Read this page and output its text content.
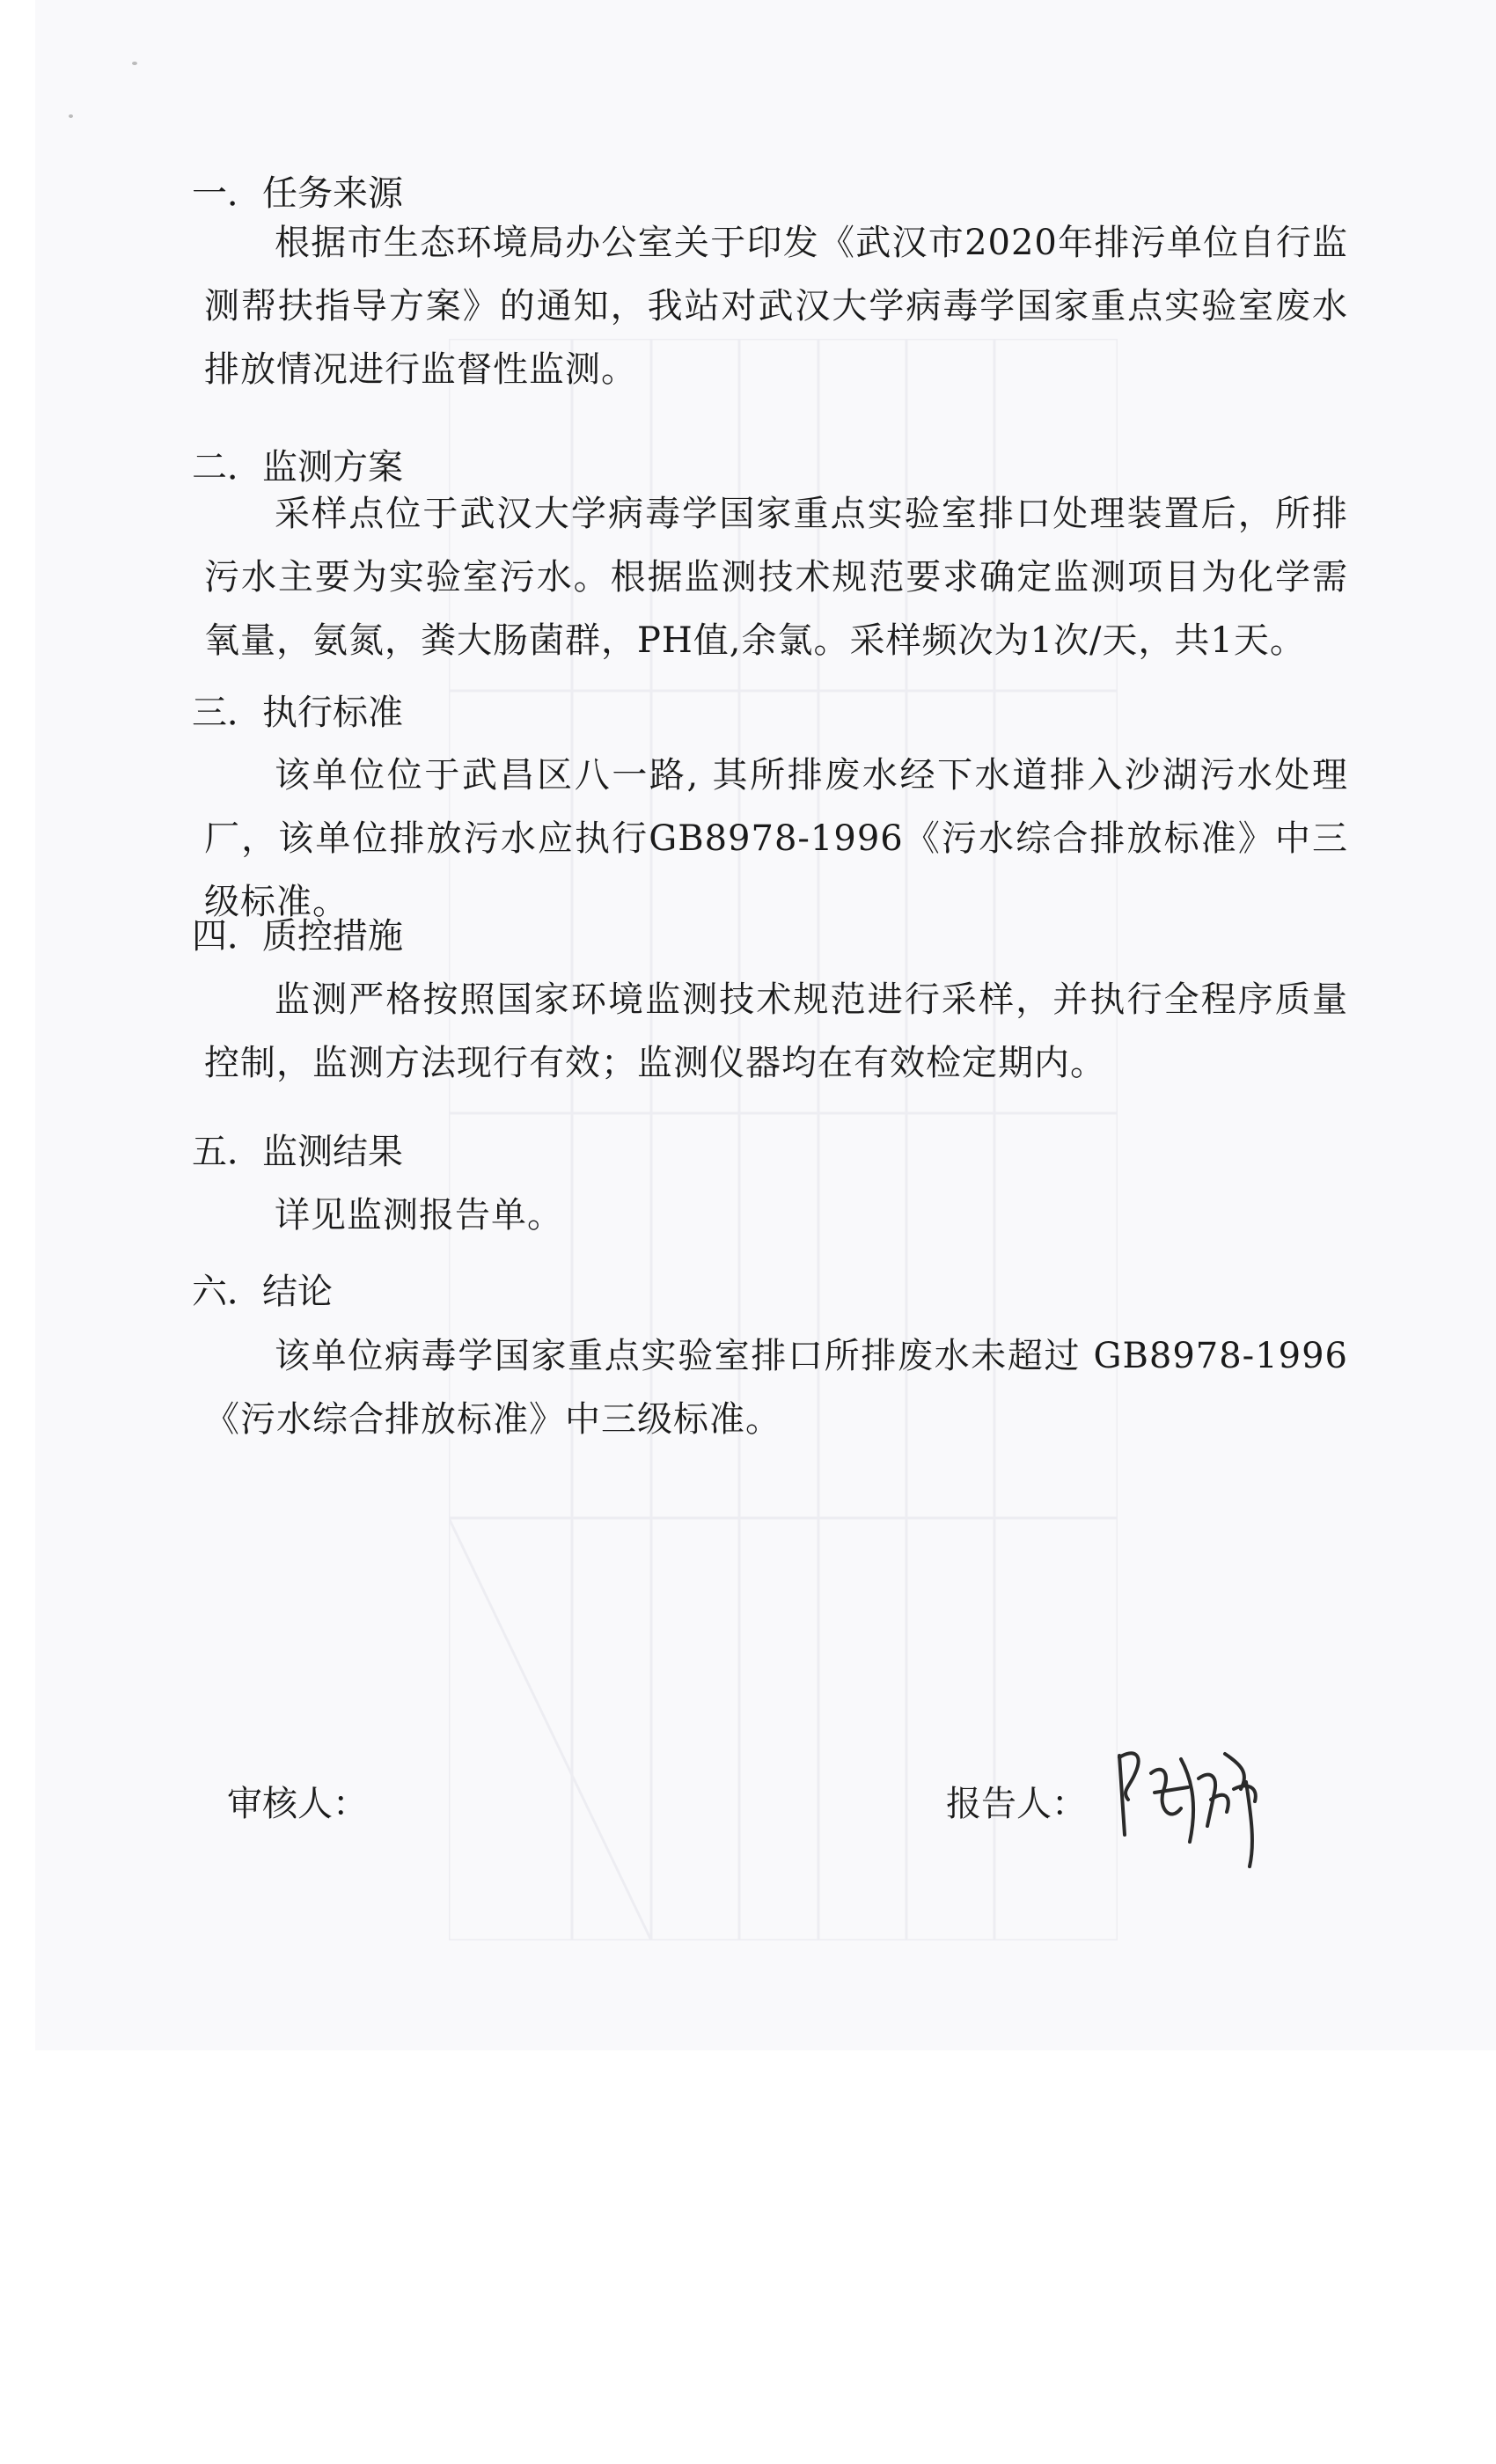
一．任务来源
根据市生态环境局办公室关于印发《武汉市2020年排污单位自行监测帮扶指导方案》的通知，我站对武汉大学病毒学国家重点实验室废水排放情况进行监督性监测。
二．监测方案
采样点位于武汉大学病毒学国家重点实验室排口处理装置后，所排污水主要为实验室污水。根据监测技术规范要求确定监测项目为化学需氧量，氨氮，粪大肠菌群，PH值,余氯。采样频次为1次/天，共1天。
三．执行标准
该单位位于武昌区八一路, 其所排废水经下水道排入沙湖污水处理厂，该单位排放污水应执行GB8978-1996《污水综合排放标准》中三级标准。
四．质控措施
监测严格按照国家环境监测技术规范进行采样，并执行全程序质量控制，监测方法现行有效；监测仪器均在有效检定期内。
五．监测结果
详见监测报告单。
六．结论
该单位病毒学国家重点实验室排口所排废水未超过 GB8978-1996《污水综合排放标准》中三级标准。
审核人：	报告人：
